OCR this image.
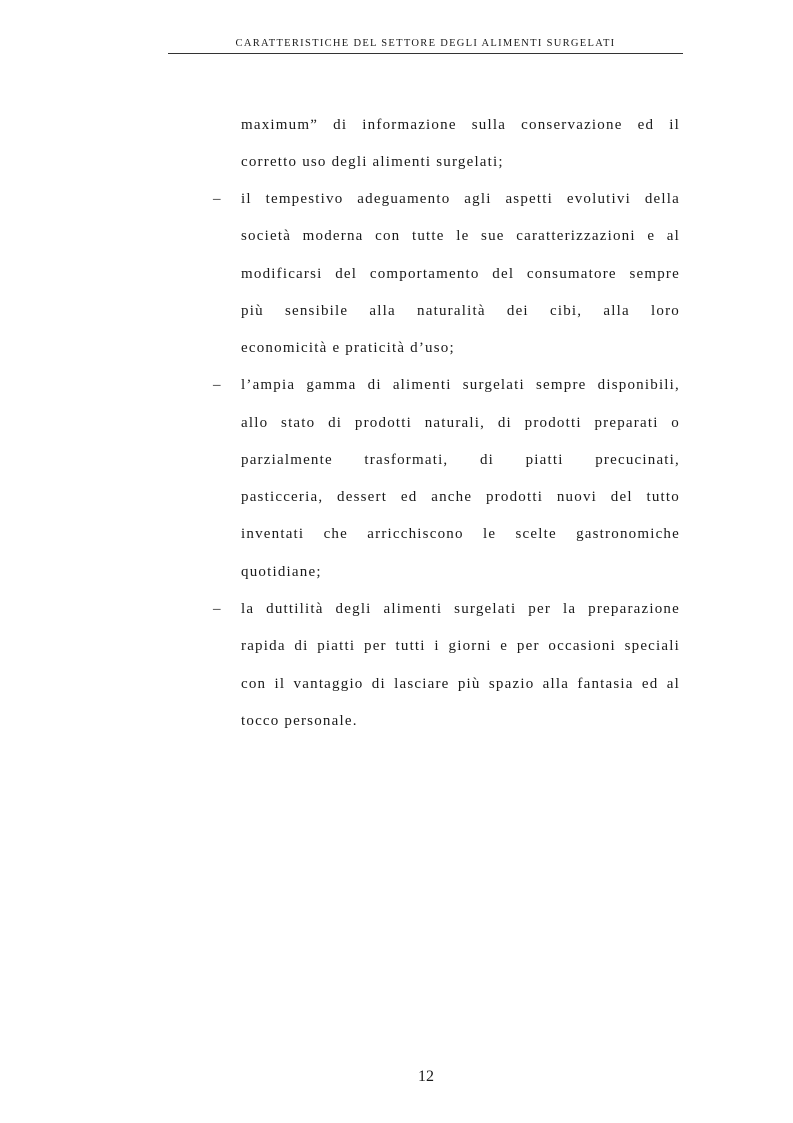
CARATTERISTICHE DEL SETTORE DEGLI ALIMENTI SURGELATI
maximum” di informazione sulla conservazione ed il
corretto uso degli alimenti surgelati;
–	il tempestivo adeguamento agli aspetti evolutivi della
società moderna con tutte le sue caratterizzazioni e al
modificarsi del comportamento del consumatore sempre
più sensibile alla naturalità dei cibi, alla loro
economicità e praticità d’uso;
–	l’ampia gamma di alimenti surgelati sempre disponibili,
allo stato di prodotti naturali, di prodotti preparati o
parzialmente trasformati, di piatti precucinati,
pasticceria, dessert ed anche prodotti nuovi del tutto
inventati che arricchiscono le scelte gastronomiche
quotidiane;
–	la duttilità degli alimenti surgelati per la preparazione
rapida di piatti per tutti i giorni e per occasioni speciali
con il vantaggio di lasciare più spazio alla fantasia ed al
tocco personale.
12
